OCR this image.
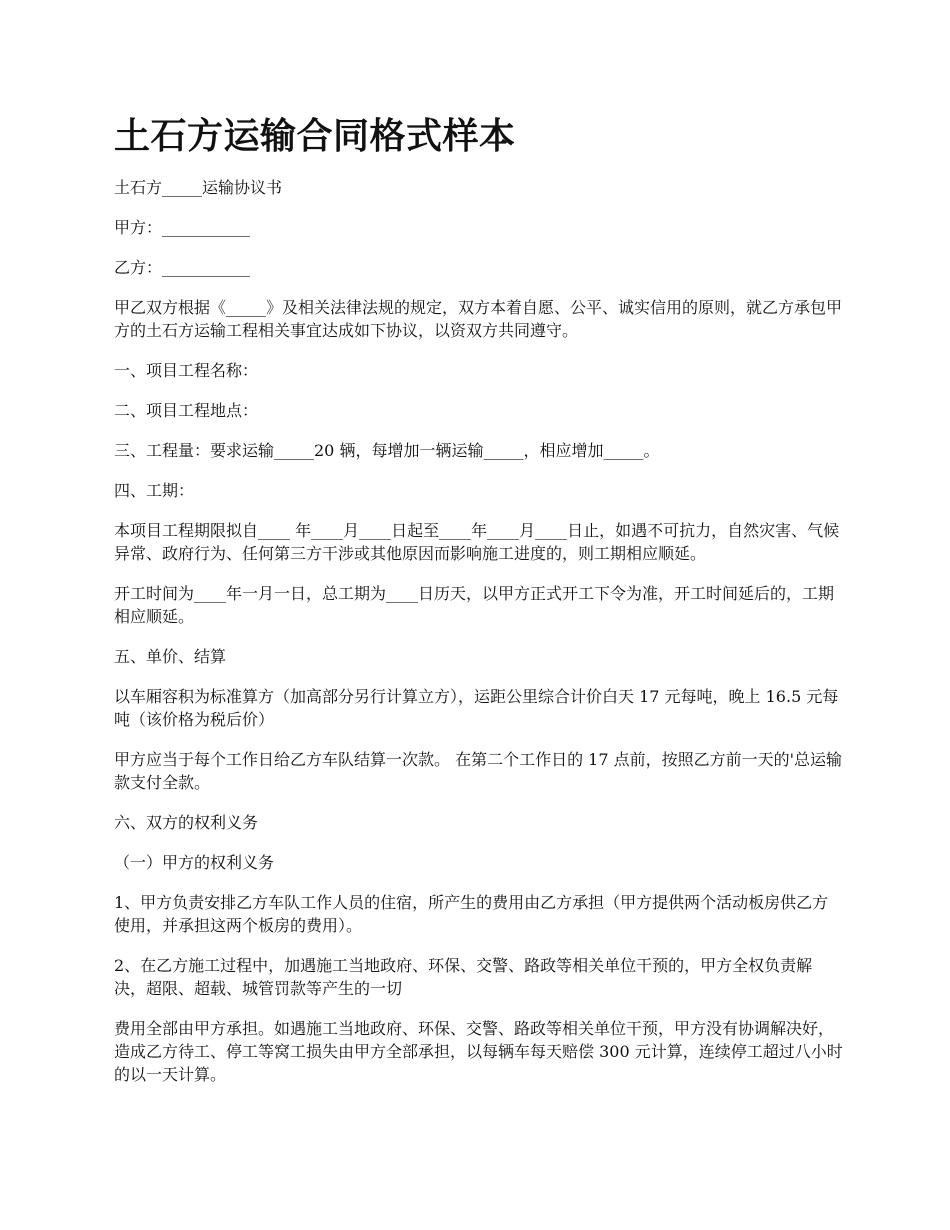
土石方运输合同格式样本

土石方_____运输协议书

甲方：___________

乙方：___________

甲乙双方根据《_____》及相关法律法规的规定，双方本着自愿、公平、诚实信用的原则，就乙方承包甲方的土石方运输工程相关事宜达成如下协议，以资双方共同遵守。

一、项目工程名称：

二、项目工程地点：

三、工程量：要求运输_____20 辆，每增加一辆运输_____，相应增加_____。

四、工期：

本项目工程期限拟自____ 年____月____日起至____年____月____日止，如遇不可抗力，自然灾害、气候异常、政府行为、任何第三方干涉或其他原因而影响施工进度的，则工期相应顺延。

开工时间为____年一月一日，总工期为____日历天，以甲方正式开工下令为准，开工时间延后的，工期相应顺延。

五、单价、结算

以车厢容积为标准算方（加高部分另行计算立方），运距公里综合计价白天 17 元每吨，晚上 16.5 元每吨（该价格为税后价）

甲方应当于每个工作日给乙方车队结算一次款。 在第二个工作日的 17 点前，按照乙方前一天的'总运输款支付全款。

六、双方的权利义务

（一）甲方的权利义务

1、甲方负责安排乙方车队工作人员的住宿，所产生的费用由乙方承担（甲方提供两个活动板房供乙方使用，并承担这两个板房的费用）。

2、在乙方施工过程中，加遇施工当地政府、环保、交警、路政等相关单位干预的，甲方全权负责解决，超限、超载、城管罚款等产生的一切

费用全部由甲方承担。如遇施工当地政府、环保、交警、路政等相关单位干预，甲方没有协调解决好，造成乙方待工、停工等窝工损失由甲方全部承担，以每辆车每天赔偿 300 元计算，连续停工超过八小时的以一天计算。
